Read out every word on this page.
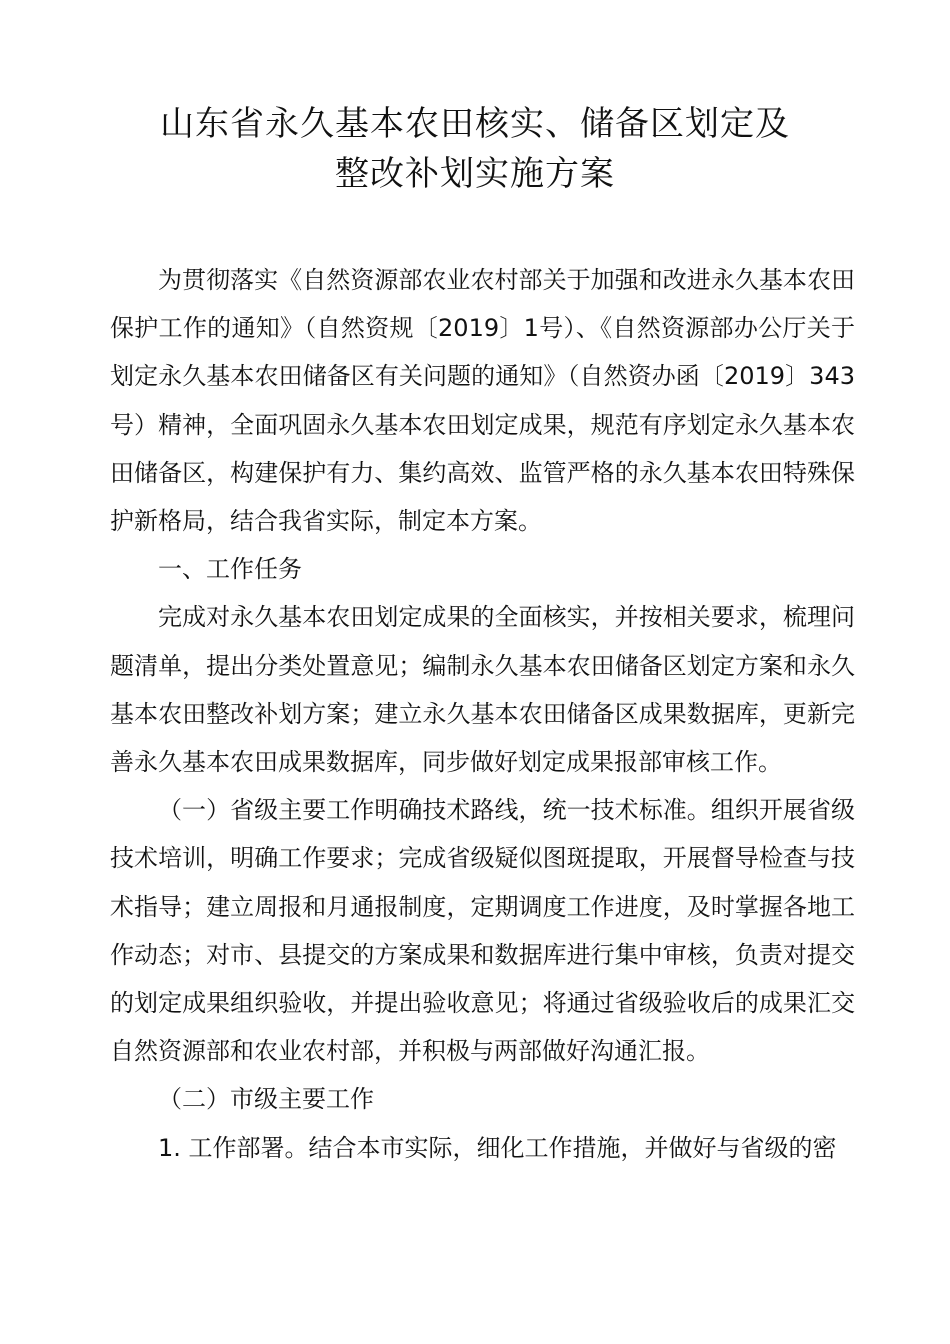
山东省永久基本农田核实、储备区划定及
整改补划实施方案

为贯彻落实《自然资源部农业农村部关于加强和改进永久基本农田保护工作的通知》（自然资规〔2019〕1号）、《自然资源部办公厅关于划定永久基本农田储备区有关问题的通知》（自然资办函〔2019〕343号）精神，全面巩固永久基本农田划定成果，规范有序划定永久基本农田储备区，构建保护有力、集约高效、监管严格的永久基本农田特殊保护新格局，结合我省实际，制定本方案。

一、工作任务

完成对永久基本农田划定成果的全面核实，并按相关要求，梳理问题清单，提出分类处置意见；编制永久基本农田储备区划定方案和永久基本农田整改补划方案；建立永久基本农田储备区成果数据库，更新完善永久基本农田成果数据库，同步做好划定成果报部审核工作。

（一）省级主要工作明确技术路线，统一技术标准。组织开展省级技术培训，明确工作要求；完成省级疑似图斑提取，开展督导检查与技术指导；建立周报和月通报制度，定期调度工作进度，及时掌握各地工作动态；对市、县提交的方案成果和数据库进行集中审核，负责对提交的划定成果组织验收，并提出验收意见；将通过省级验收后的成果汇交自然资源部和农业农村部，并积极与两部做好沟通汇报。

（二）市级主要工作

1. 工作部署。结合本市实际，细化工作措施，并做好与省级的密
